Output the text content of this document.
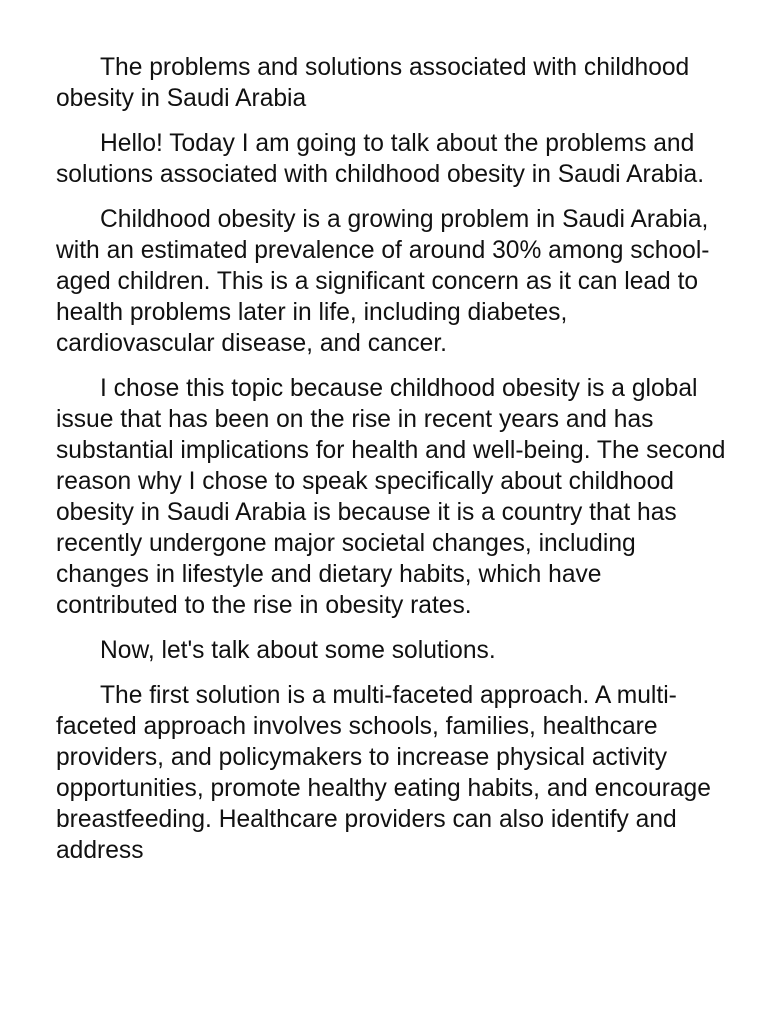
The problems and solutions associated with childhood obesity in Saudi Arabia

Hello! Today I am going to talk about the problems and solutions associated with childhood obesity in Saudi Arabia.

Childhood obesity is a growing problem in Saudi Arabia, with an estimated prevalence of around 30% among school-aged children. This is a significant concern as it can lead to health problems later in life, including diabetes, cardiovascular disease, and cancer.

I chose this topic because childhood obesity is a global issue that has been on the rise in recent years and has substantial implications for health and well-being. The second reason why I chose to speak specifically about childhood obesity in Saudi Arabia is because it is a country that has recently undergone major societal changes, including changes in lifestyle and dietary habits, which have contributed to the rise in obesity rates.

Now, let's talk about some solutions.

The first solution is a multi-faceted approach. A multi-faceted approach involves schools, families, healthcare providers, and policymakers to increase physical activity opportunities, promote healthy eating habits, and encourage breastfeeding. Healthcare providers can also identify and address
